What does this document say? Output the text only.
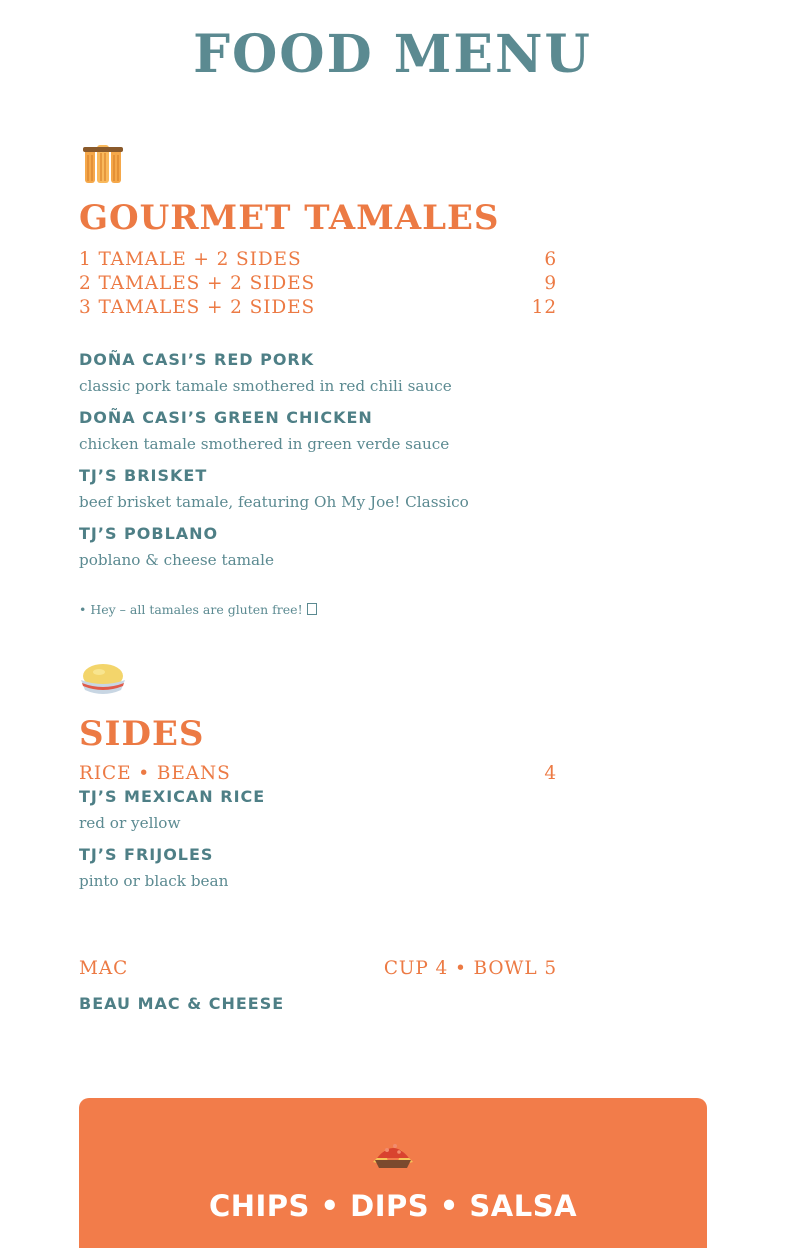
FOOD MENU
GOURMET TAMALES
1 TAMALE + 2 SIDES	6
2 TAMALES + 2 SIDES	9
3 TAMALES + 2 SIDES	12
DOÑA CASI’S RED PORK
classic pork tamale smothered in red chili sauce
DOÑA CASI’S GREEN CHICKEN
chicken tamale smothered in green verde sauce
TJ’S BRISKET
beef brisket tamale, featuring Oh My Joe! Classico
TJ’S POBLANO
poblano & cheese tamale
• Hey – all tamales are gluten free!
SIDES
RICE • BEANS	4
TJ’S MEXICAN RICE
red or yellow
TJ’S FRIJOLES
pinto or black bean
MAC	CUP 4 • BOWL 5
BEAU MAC & CHEESE
CHIPS • DIPS • SALSA
